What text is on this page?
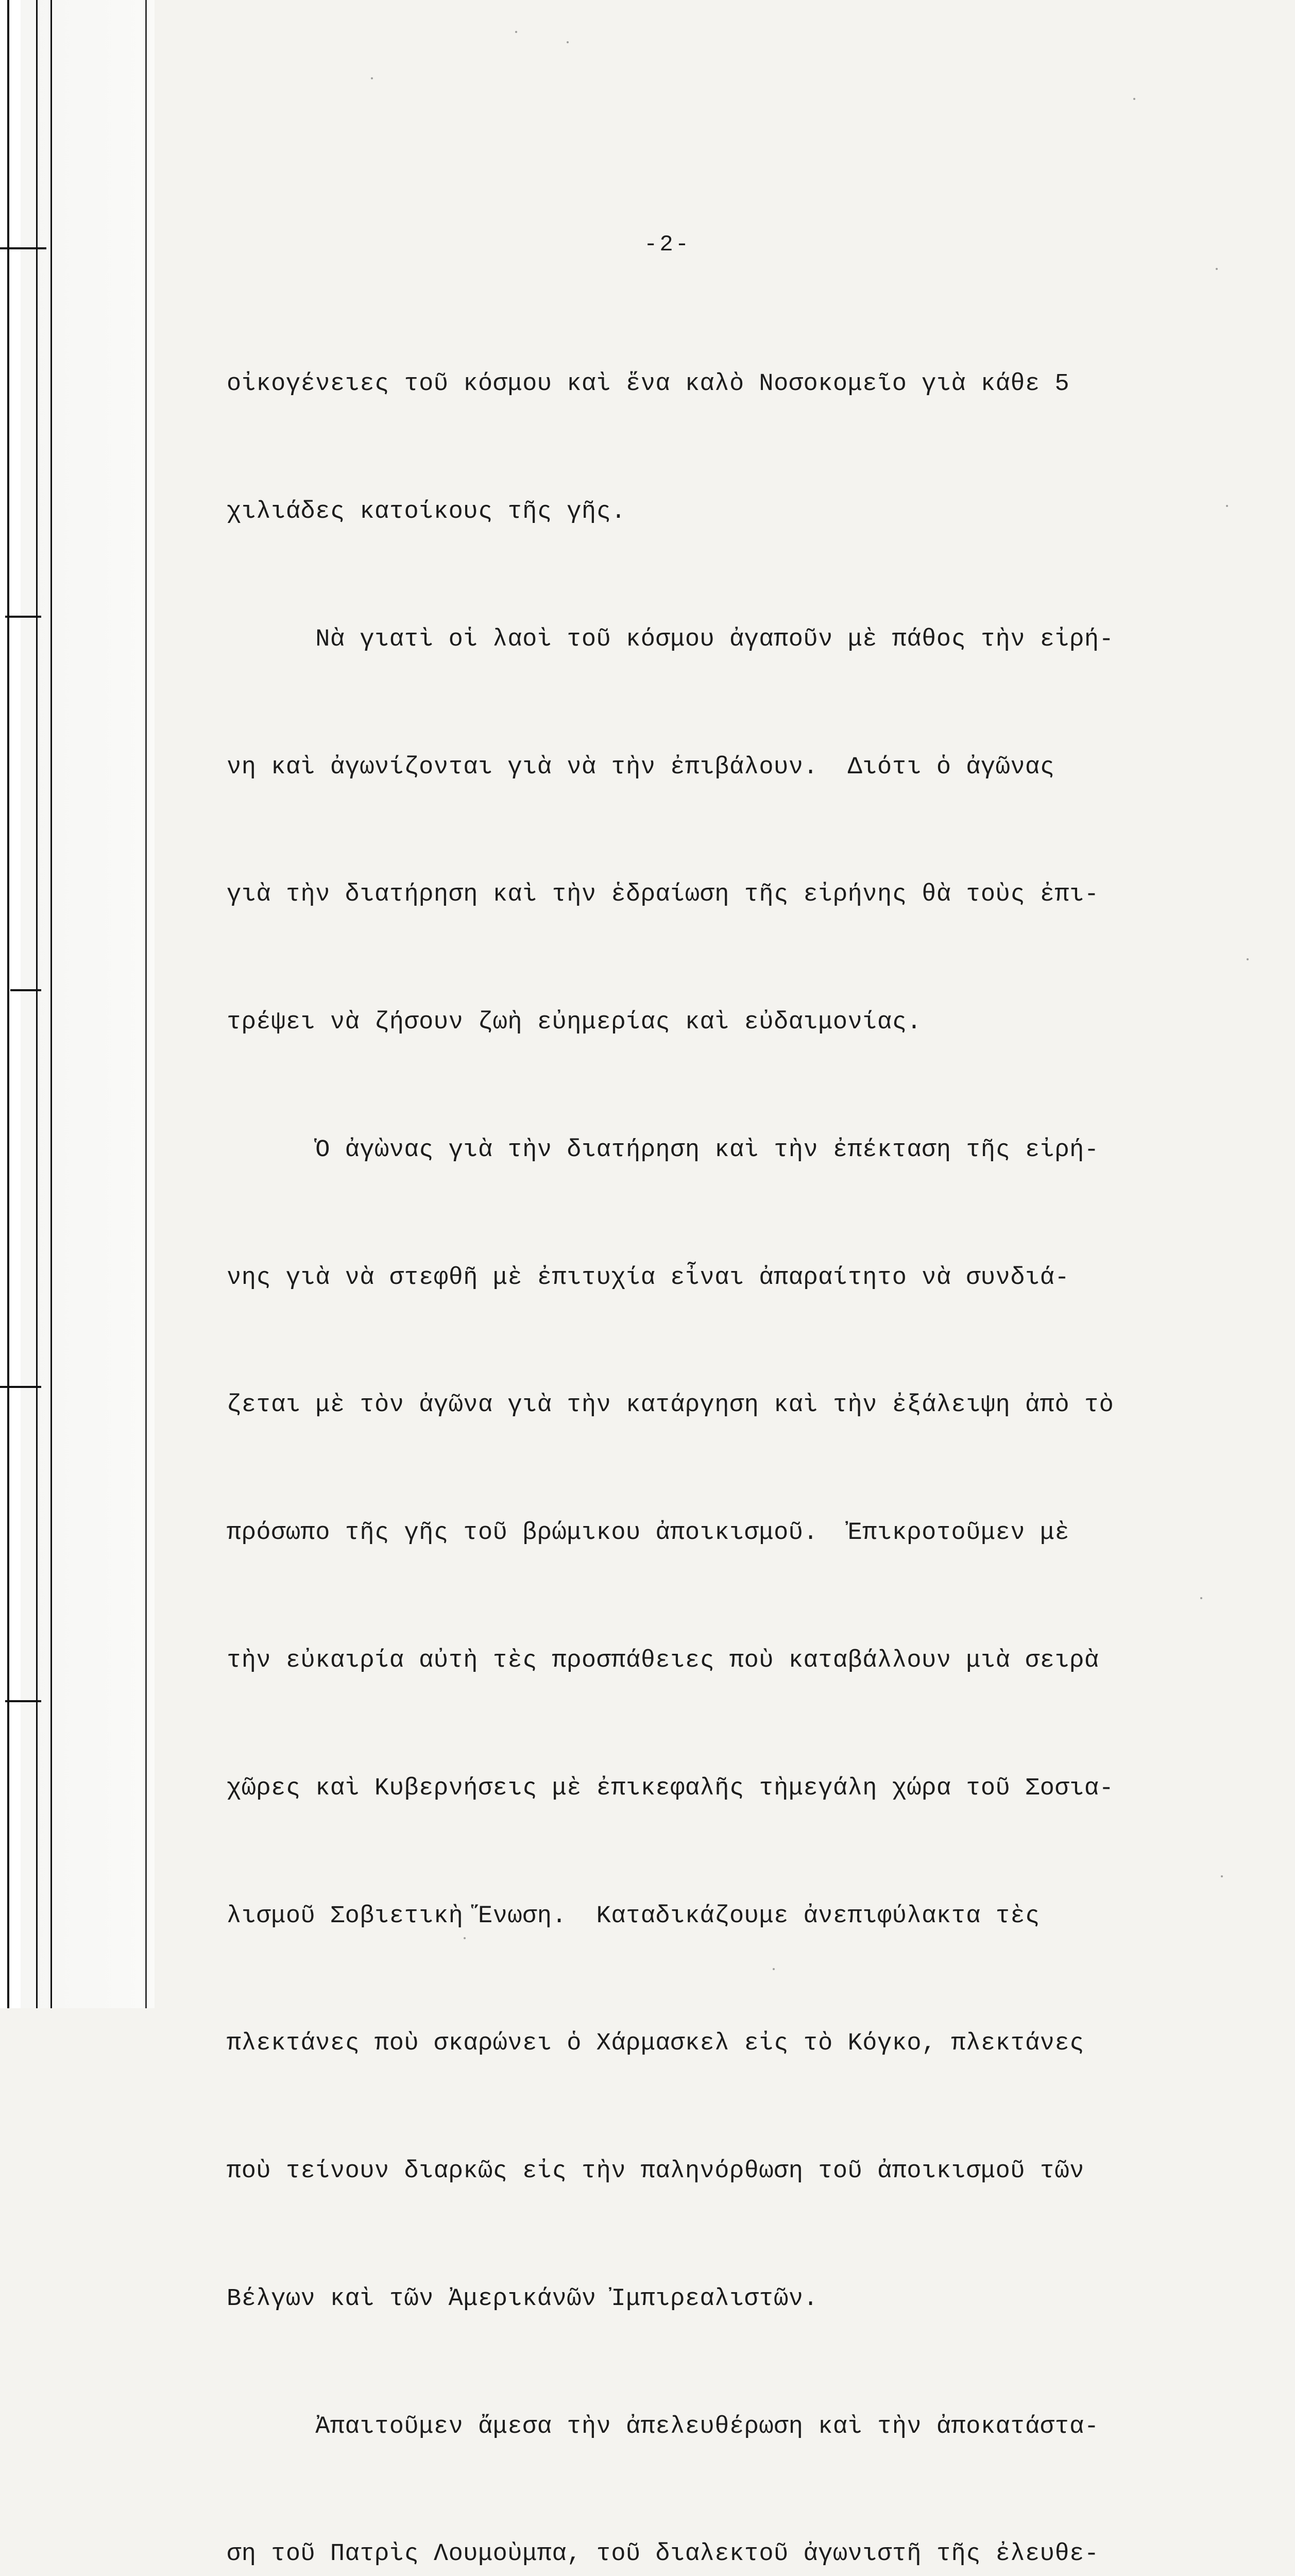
-2-

οἰκογένειες τοῦ κόσμου καὶ ἕνα καλὸ Νοσοκομεῖο γιὰ κάθε 5

χιλιάδες κατοίκους τῆς γῆς.

Νὰ γιατὶ οἱ λαοὶ τοῦ κόσμου ἀγαποῦν μὲ πάθος τὴν εἰρή-

νη καὶ ἀγωνίζονται γιὰ νὰ τὴν ἐπιβάλουν.  Διότι ὁ ἀγῶνας

γιὰ τὴν διατήρηση καὶ τὴν ἑδραίωση τῆς εἰρήνης θὰ τοὺς ἐπι-

τρέψει νὰ ζήσουν ζωὴ εὐημερίας καὶ εὐδαιμονίας.

Ὁ ἀγὼνας γιὰ τὴν διατήρηση καὶ τὴν ἐπέκταση τῆς εἰρή-

νης γιὰ νὰ στεφθῆ μὲ ἐπιτυχία εἶναι ἀπαραίτητο νὰ συνδιά-

ζεται μὲ τὸν ἀγῶνα γιὰ τὴν κατάργηση καὶ τὴν ἐξάλειψη ἀπὸ τὸ

πρόσωπο τῆς γῆς τοῦ βρώμικου ἀποικισμοῦ.  Ἐπικροτοῦμεν μὲ

τὴν εὐκαιρία αὐτὴ τὲς προσπάθειες ποὺ καταβάλλουν μιὰ σειρὰ

χῶρες καὶ Κυβερνήσεις μὲ ἐπικεφαλῆς τὴμεγάλη χώρα τοῦ Σοσια-

λισμοῦ Σοβιετικὴ Ἕνωση.  Καταδικάζουμε ἀνεπιφύλακτα τὲς

πλεκτάνες ποὺ σκαρώνει ὁ Χάρμασκελ εἰς τὸ Κόγκο, πλεκτάνες

ποὺ τείνουν διαρκῶς εἰς τὴν παληνόρθωση τοῦ ἀποικισμοῦ τῶν

Βέλγων καὶ τῶν Ἀμερικάνῶν Ἰμπιρεαλιστῶν.

Ἀπαιτοῦμεν ἄμεσα τὴν ἀπελευθέρωση καὶ τὴν ἀποκατάστα-

ση τοῦ Πατρὶς Λουμοὺμπα, τοῦ διαλεκτοῦ ἀγωνιστῆ τῆς ἐλευθε-
